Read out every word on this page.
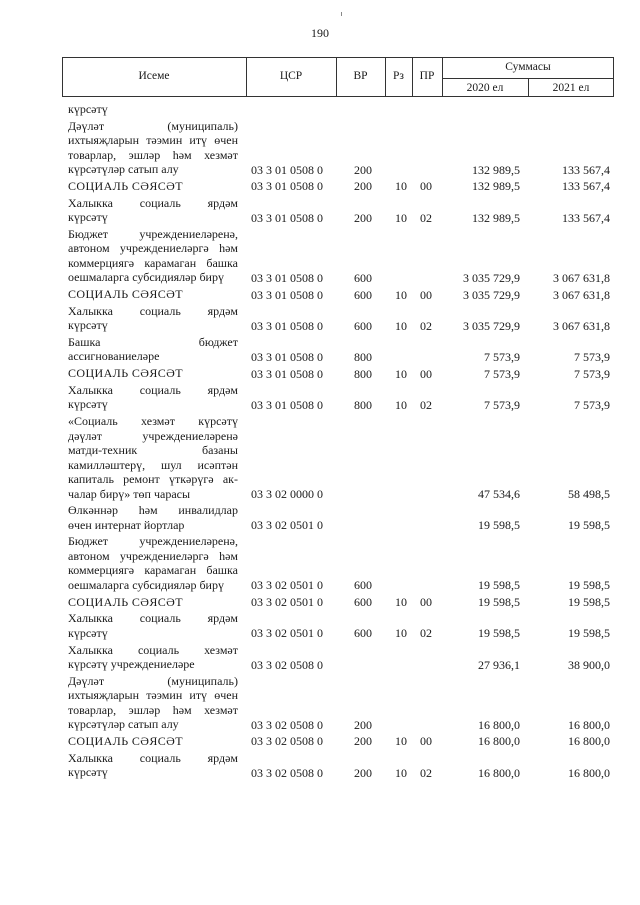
190
Исеме	ЦСР	ВР	Рз	ПР
Суммасы
2020 ел	2021 ел
күрсәтү
Дәүләт (муниципаль)
ихтыяҗларын тәэмин итү өчен
товарлар, эшләр һәм хезмәт
күрсәтүләр сатып алу	03 3 01 0508 0	200	132 989,5	133 567,4
СОЦИАЛЬ СӘЯСӘТ	03 3 01 0508 0	200	10	00	132 989,5	133 567,4
Халыкка социаль ярдәм
күрсәтү	03 3 01 0508 0	200	10	02	132 989,5	133 567,4
Бюджет учреждениеләренә,
автоном учреждениеләргә һәм
коммерциягә карамаган башка
оешмаларга субсидияләр бирү	03 3 01 0508 0	600	3 035 729,9	3 067 631,8
СОЦИАЛЬ СӘЯСӘТ	03 3 01 0508 0	600	10	00	3 035 729,9	3 067 631,8
Халыкка социаль ярдәм
күрсәтү	03 3 01 0508 0	600	10	02	3 035 729,9	3 067 631,8
Башка бюджет
ассигнованиеләре	03 3 01 0508 0	800	7 573,9	7 573,9
СОЦИАЛЬ СӘЯСӘТ	03 3 01 0508 0	800	10	00	7 573,9	7 573,9
Халыкка социаль ярдәм
күрсәтү	03 3 01 0508 0	800	10	02	7 573,9	7 573,9
«Социаль хезмәт күрсәтү
дәүләт учреждениеләренә
матди-техник базаны
камилләштерү, шул исәптән
капиталь ремонт үткәрүгә ак-
чалар бирү» төп чарасы	03 3 02 0000 0	47 534,6	58 498,5
Өлкәннәр һәм инвалидлар
өчен интернат йортлар	03 3 02 0501 0	19 598,5	19 598,5
Бюджет учреждениеләренә,
автоном учреждениеләргә һәм
коммерциягә карамаган башка
оешмаларга субсидияләр бирү	03 3 02 0501 0	600	19 598,5	19 598,5
СОЦИАЛЬ СӘЯСӘТ	03 3 02 0501 0	600	10	00	19 598,5	19 598,5
Халыкка социаль ярдәм
күрсәтү	03 3 02 0501 0	600	10	02	19 598,5	19 598,5
Халыкка социаль хезмәт
күрсәтү учреждениеләре	03 3 02 0508 0	27 936,1	38 900,0
Дәүләт (муниципаль)
ихтыяҗларын тәэмин итү өчен
товарлар, эшләр һәм хезмәт
күрсәтүләр сатып алу	03 3 02 0508 0	200	16 800,0	16 800,0
СОЦИАЛЬ СӘЯСӘТ	03 3 02 0508 0	200	10	00	16 800,0	16 800,0
Халыкка социаль ярдәм
күрсәтү	03 3 02 0508 0	200	10	02	16 800,0	16 800,0
